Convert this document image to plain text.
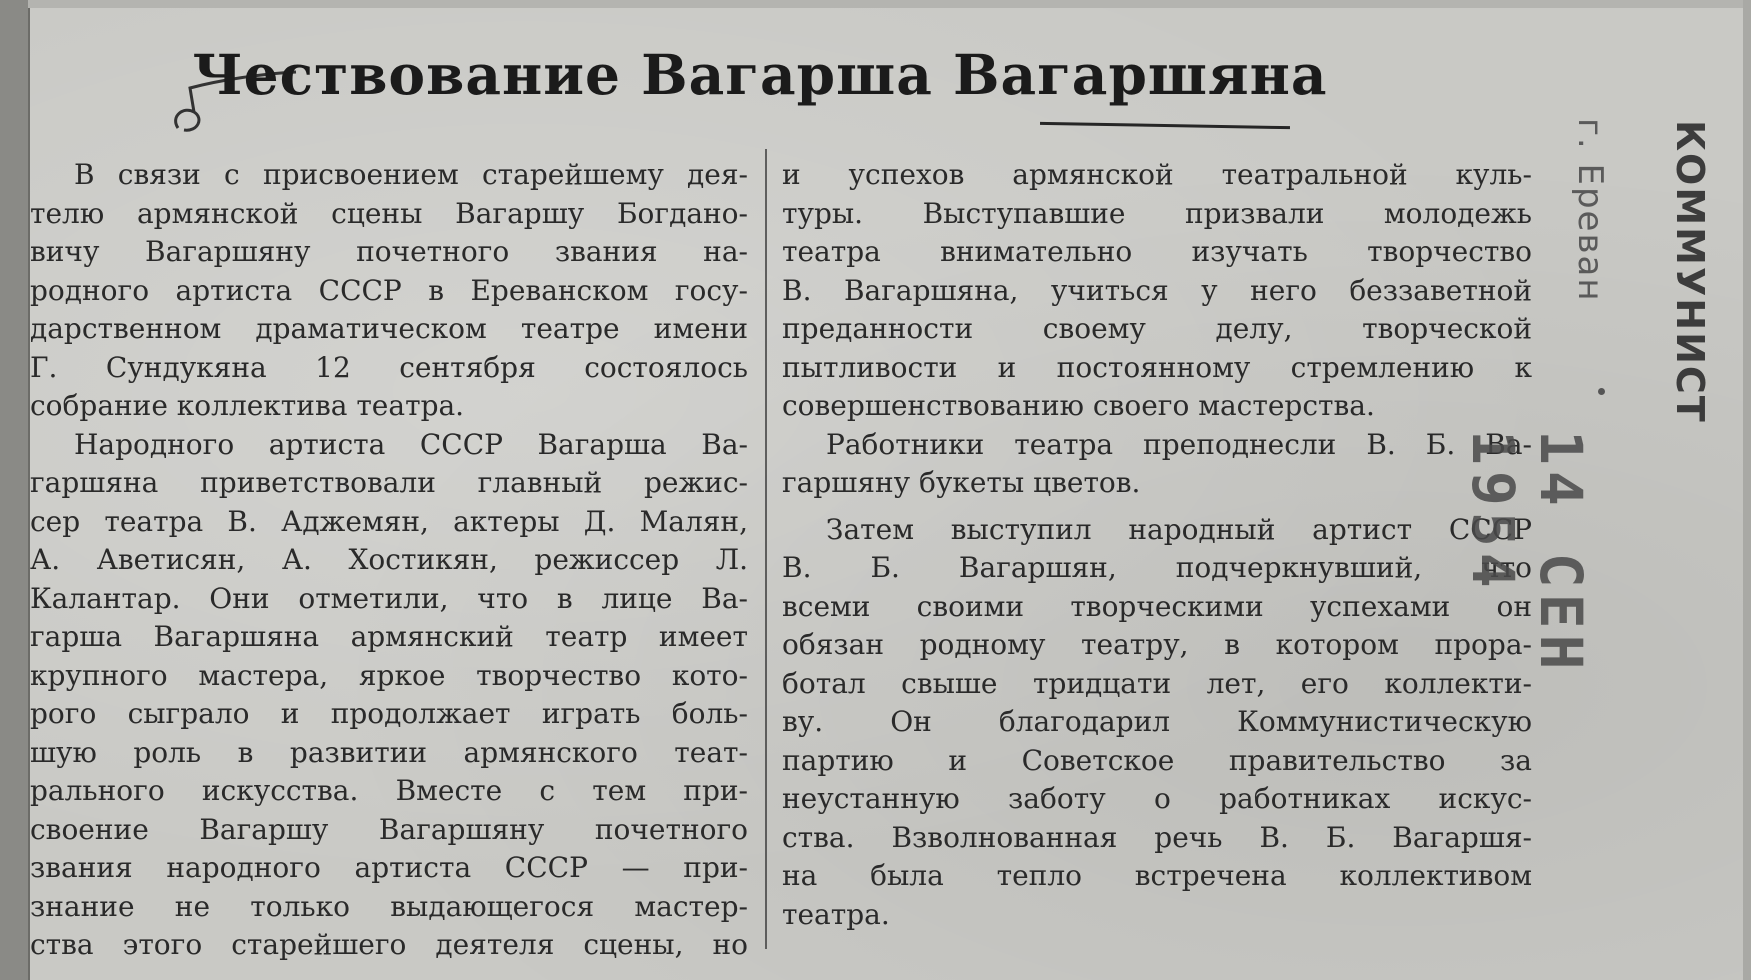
Чествование Вагарша Вагаршяна
В связи с присвоением старейшему дея-
телю армянской сцены Вагаршу Богдано-
вичу Вагаршяну почетного звания на-
родного артиста СССР в Ереванском госу-
дарственном драматическом театре имени
Г. Сундукяна 12 сентября состоялось
собрание коллектива театра.
Народного артиста СССР Вагарша Ва-
гаршяна приветствовали главный режис-
сер театра В. Аджемян, актеры Д. Малян,
А. Аветисян, А. Хостикян, режиссер Л.
Калантар. Они отметили, что в лице Ва-
гарша Вагаршяна армянский театр имеет
крупного мастера, яркое творчество кото-
рого сыграло и продолжает играть боль-
шую роль в развитии армянского теат-
рального искусства. Вместе с тем при-
своение Вагаршу Вагаршяну почетного
звания народного артиста СССР — при-
знание не только выдающегося мастер-
ства этого старейшего деятеля сцены, но
и успехов армянской театральной куль-
туры. Выступавшие призвали молодежь
театра внимательно изучать творчество
В. Вагаршяна, учиться у него беззаветной
преданности своему делу, творческой
пытливости и постоянному стремлению к
совершенствованию своего мастерства.
Работники театра преподнесли В. Б. Ва-
гаршяну букеты цветов.
Затем выступил народный артист СССР
В. Б. Вагаршян, подчеркнувший, что
всеми своими творческими успехами он
обязан родному театру, в котором прора-
ботал свыше тридцати лет, его коллекти-
ву. Он благодарил Коммунистическую
партию и Советское правительство за
неустанную заботу о работниках искус-
ства. Взволнованная речь В. Б. Вагаршя-
на была тепло встречена коллективом
театра.
КОММУНИСТ
г. Ереван
14 СЕН 1954
